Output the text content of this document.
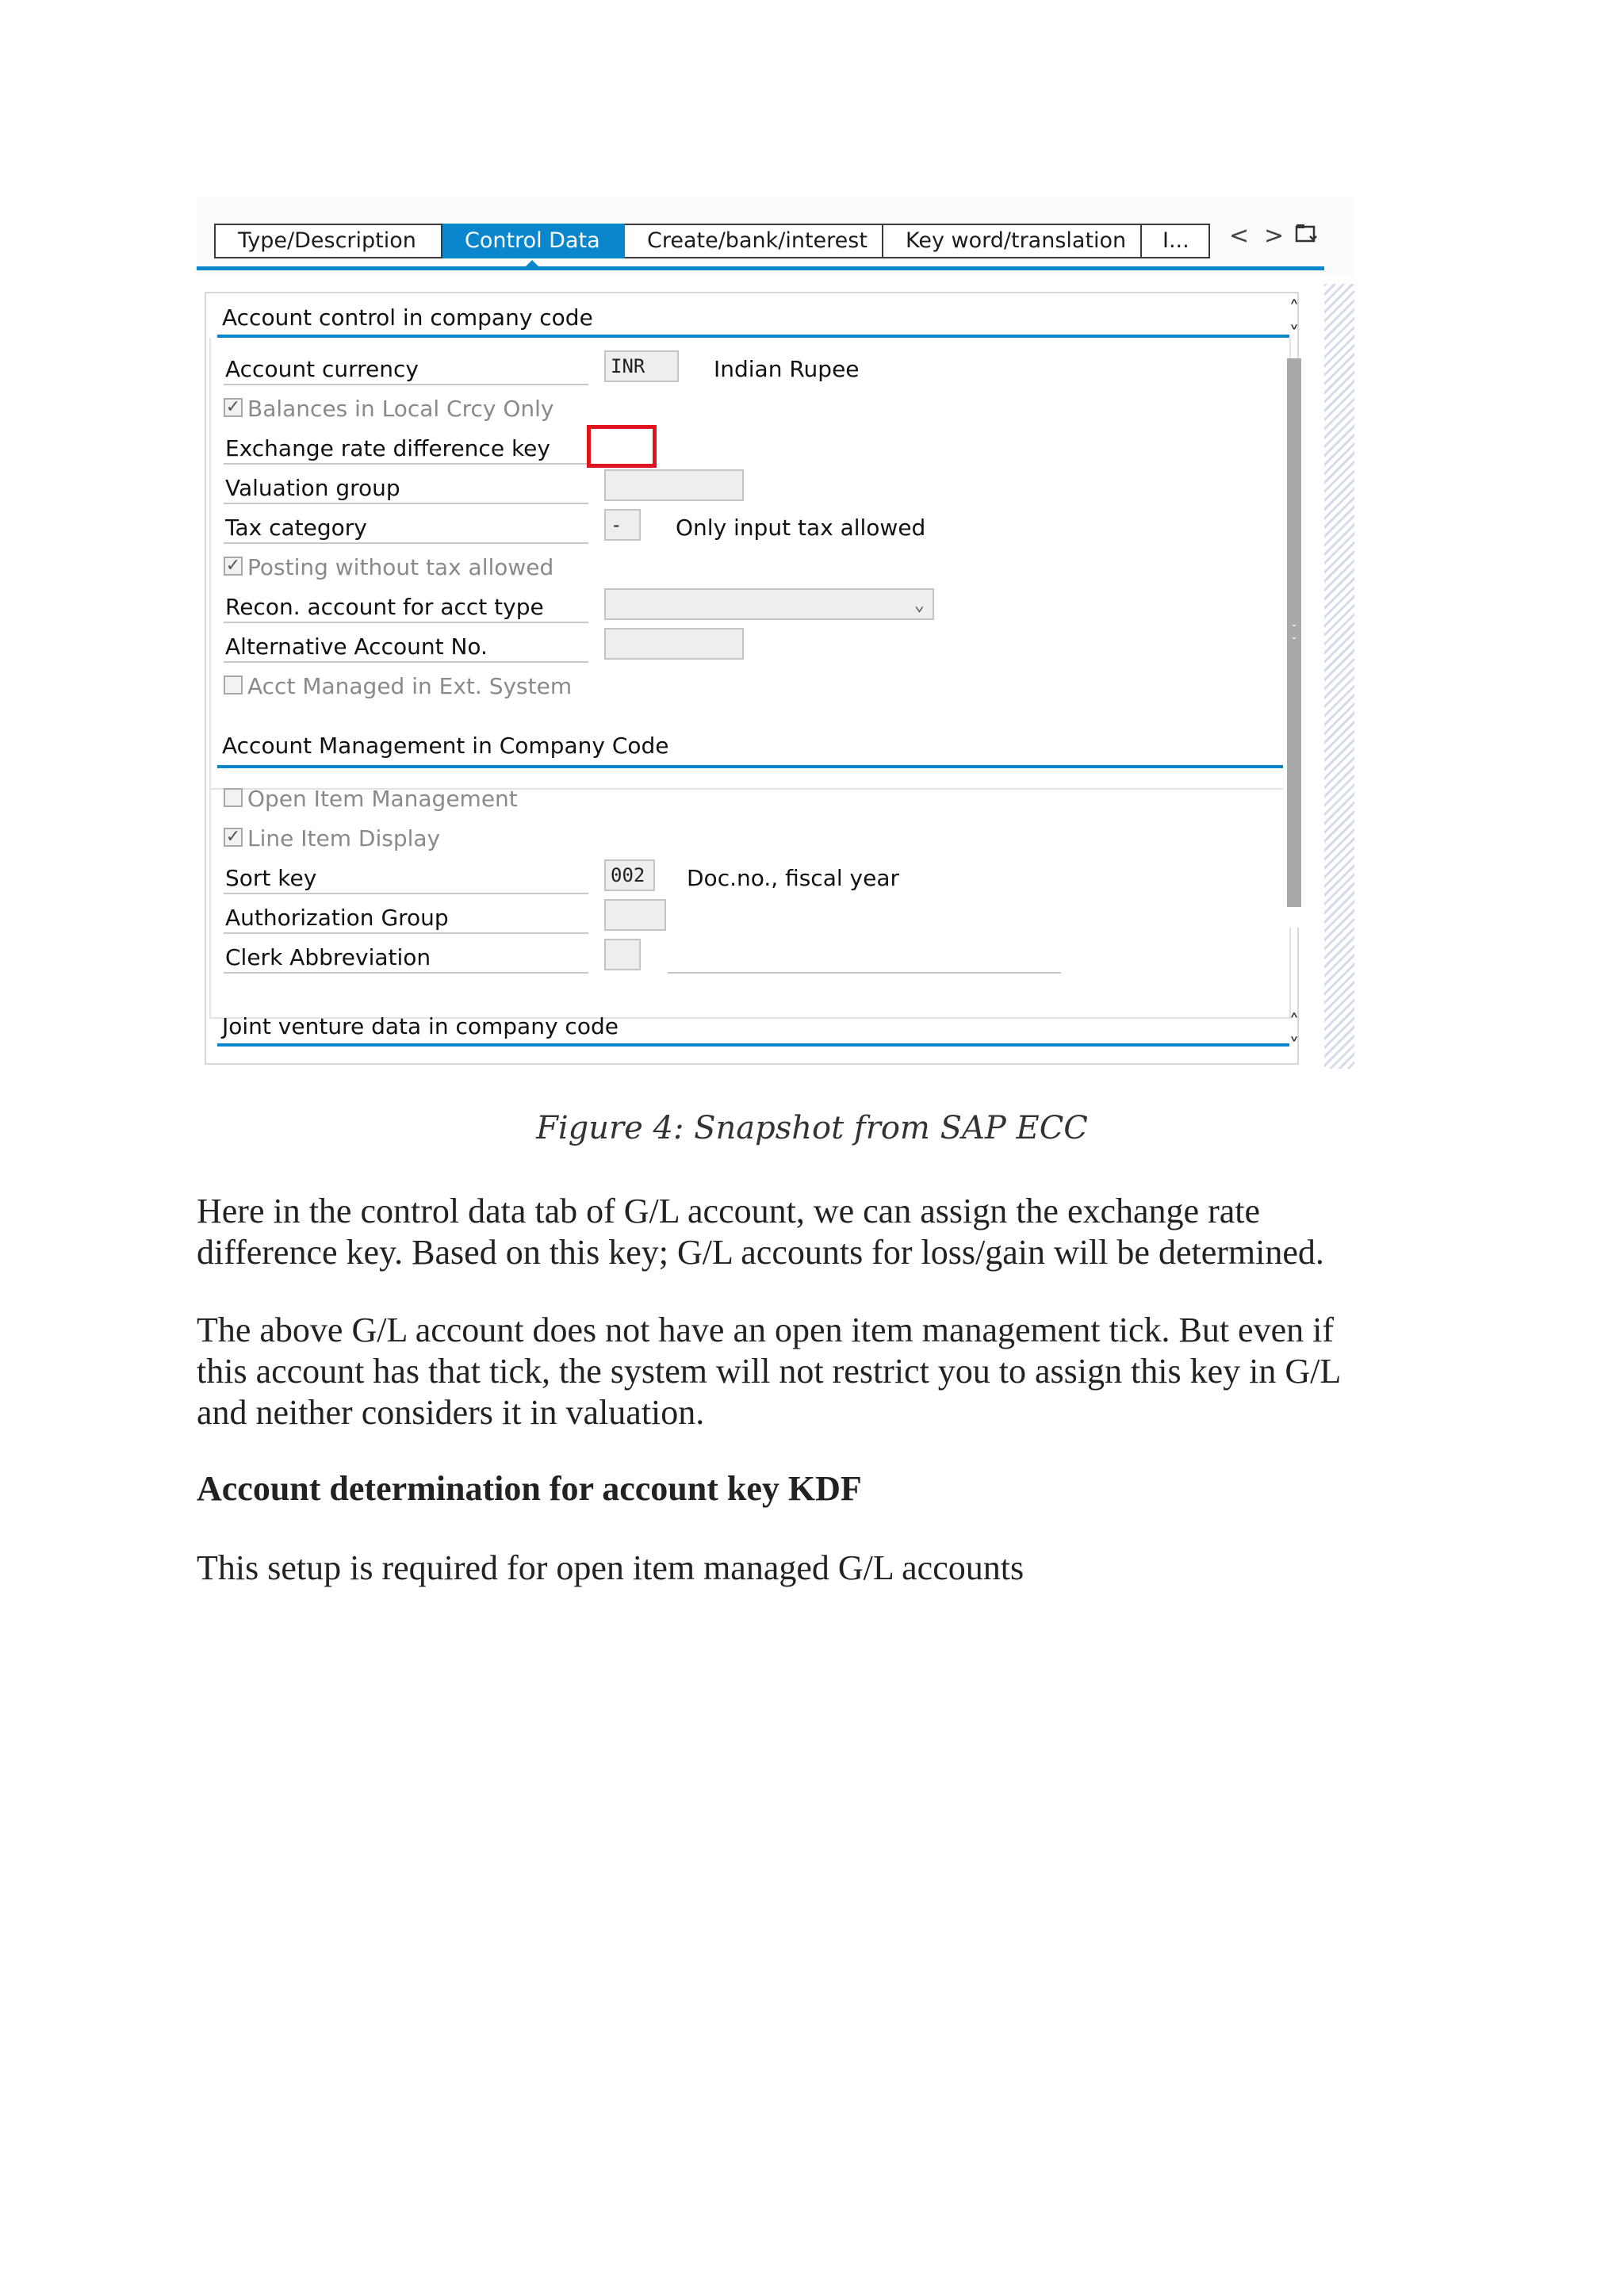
Type/Description	Control Data	Create/bank/interest	Key word/translation	I...	< >
Account control in company code
Account currency	INR	Indian Rupee
✓ Balances in Local Crcy Only
Exchange rate difference key
Valuation group
Tax category	-	Only input tax allowed
✓ Posting without tax allowed
Recon. account for acct type	⌄
Alternative Account No.
Acct Managed in Ext. System
Account Management in Company Code
Open Item Management
✓ Line Item Display
Sort key	002	Doc.no., fiscal year
Authorization Group
Clerk Abbreviation
Joint venture data in company code
˄
˅
˄
˅
Figure 4: Snapshot from SAP ECC

Here in the control data tab of G/L account, we can assign the exchange rate
difference key. Based on this key; G/L accounts for loss/gain will be determined.

The above G/L account does not have an open item management tick. But even if
this account has that tick, the system will not restrict you to assign this key in G/L
and neither considers it in valuation.

Account determination for account key KDF

This setup is required for open item managed G/L accounts
